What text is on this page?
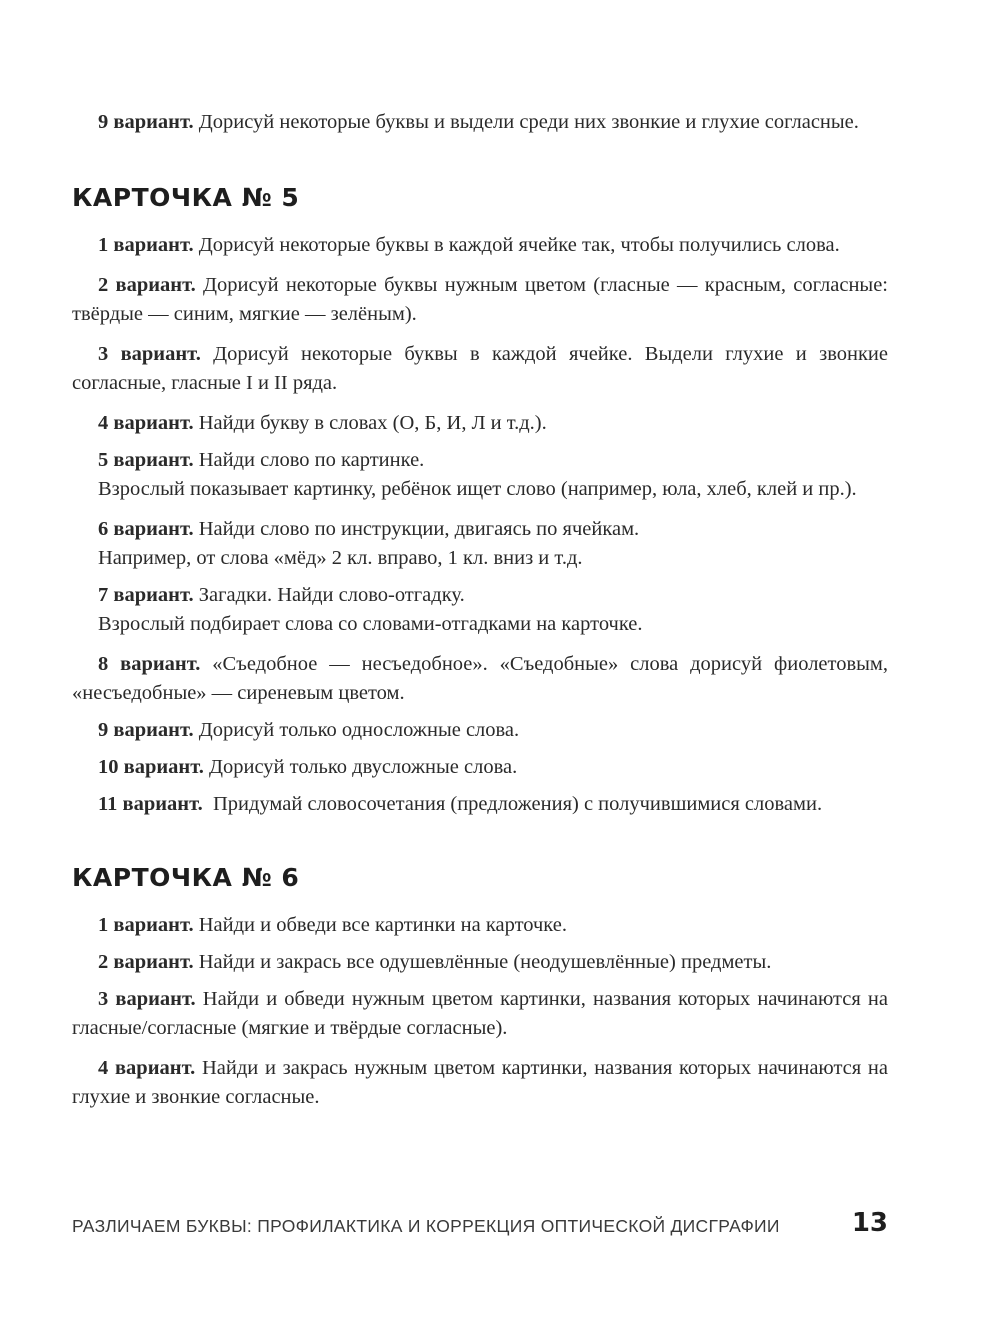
9 вариант. Дорисуй некоторые буквы и выдели среди них звонкие и глухие согласные.

КАРТОЧКА № 5

1 вариант. Дорисуй некоторые буквы в каждой ячейке так, чтобы получились слова.

2 вариант. Дорисуй некоторые буквы нужным цветом (гласные — красным, согласные: твёрдые — синим, мягкие — зелёным).

3 вариант. Дорисуй некоторые буквы в каждой ячейке. Выдели глухие и звонкие согласные, гласные I и II ряда.

4 вариант. Найди букву в словах (О, Б, И, Л и т.д.).

5 вариант. Найди слово по картинке.

Взрослый показывает картинку, ребёнок ищет слово (например, юла, хлеб, клей и пр.).

6 вариант. Найди слово по инструкции, двигаясь по ячейкам.

Например, от слова «мёд» 2 кл. вправо, 1 кл. вниз и т.д.

7 вариант. Загадки. Найди слово-отгадку.

Взрослый подбирает слова со словами-отгадками на карточке.

8 вариант. «Съедобное — несъедобное». «Съедобные» слова дорисуй фиолетовым, «несъедобные» — сиреневым цветом.

9 вариант. Дорисуй только односложные слова.

10 вариант. Дорисуй только двусложные слова.

11 вариант.  Придумай словосочетания (предложения) с получившимися словами.

КАРТОЧКА № 6

1 вариант. Найди и обведи все картинки на карточке.

2 вариант. Найди и закрась все одушевлённые (неодушевлённые) предметы.

3 вариант. Найди и обведи нужным цветом картинки, названия которых начинаются на гласные/согласные (мягкие и твёрдые согласные).

4 вариант. Найди и закрась нужным цветом картинки, названия которых начинаются на глухие и звонкие согласные.

РАЗЛИЧАЕМ БУКВЫ: ПРОФИЛАКТИКА И КОРРЕКЦИЯ ОПТИЧЕСКОЙ ДИСГРАФИИ	13
